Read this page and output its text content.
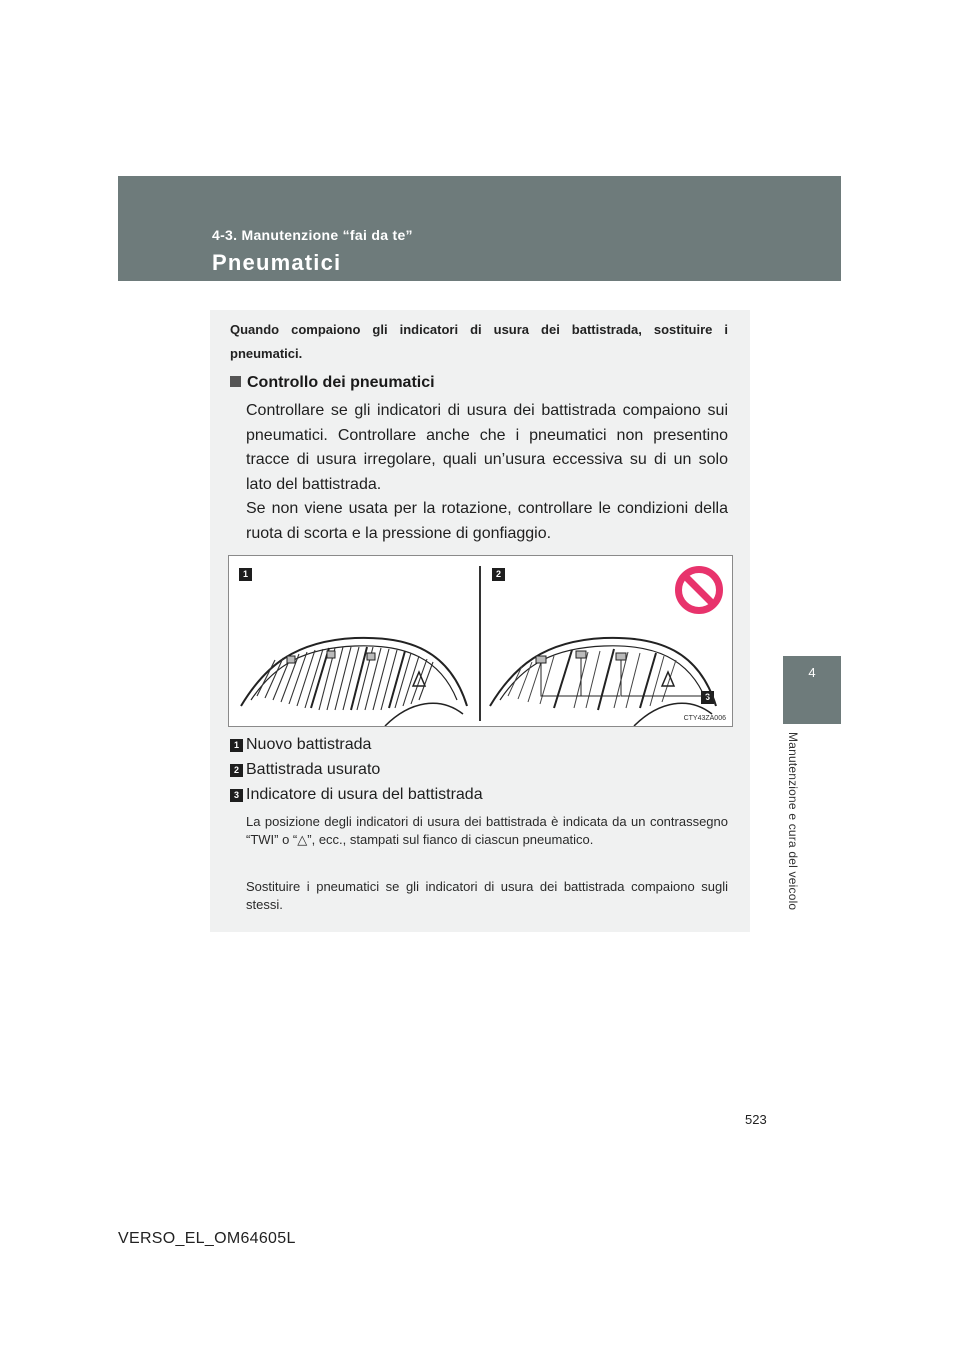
4-3. Manutenzione “fai da te”
Pneumatici
4
Manutenzione e cura del veicolo
Quando compaiono gli indicatori di usura dei battistrada, sostituire i pneumatici.
Controllo dei pneumatici

Controllare se gli indicatori di usura dei battistrada compaiono sui pneumatici. Controllare anche che i pneumatici non presentino tracce di usura irregolare, quali un’usura eccessiva su di un solo lato del battistrada.

Se non viene usata per la rotazione, controllare le condizioni della ruota di scorta e la pressione di gonfiaggio.

1	2
3
CTY43ZA006
1 Nuovo battistrada
2 Battistrada usurato
3 Indicatore di usura del battistrada
La posizione degli indicatori di usura dei battistrada è indicata da un contrassegno “TWI” o “△”, ecc., stampati sul fianco di ciascun pneumatico.
Sostituire i pneumatici se gli indicatori di usura dei battistrada compaiono sugli stessi.
523
VERSO_EL_OM64605L
